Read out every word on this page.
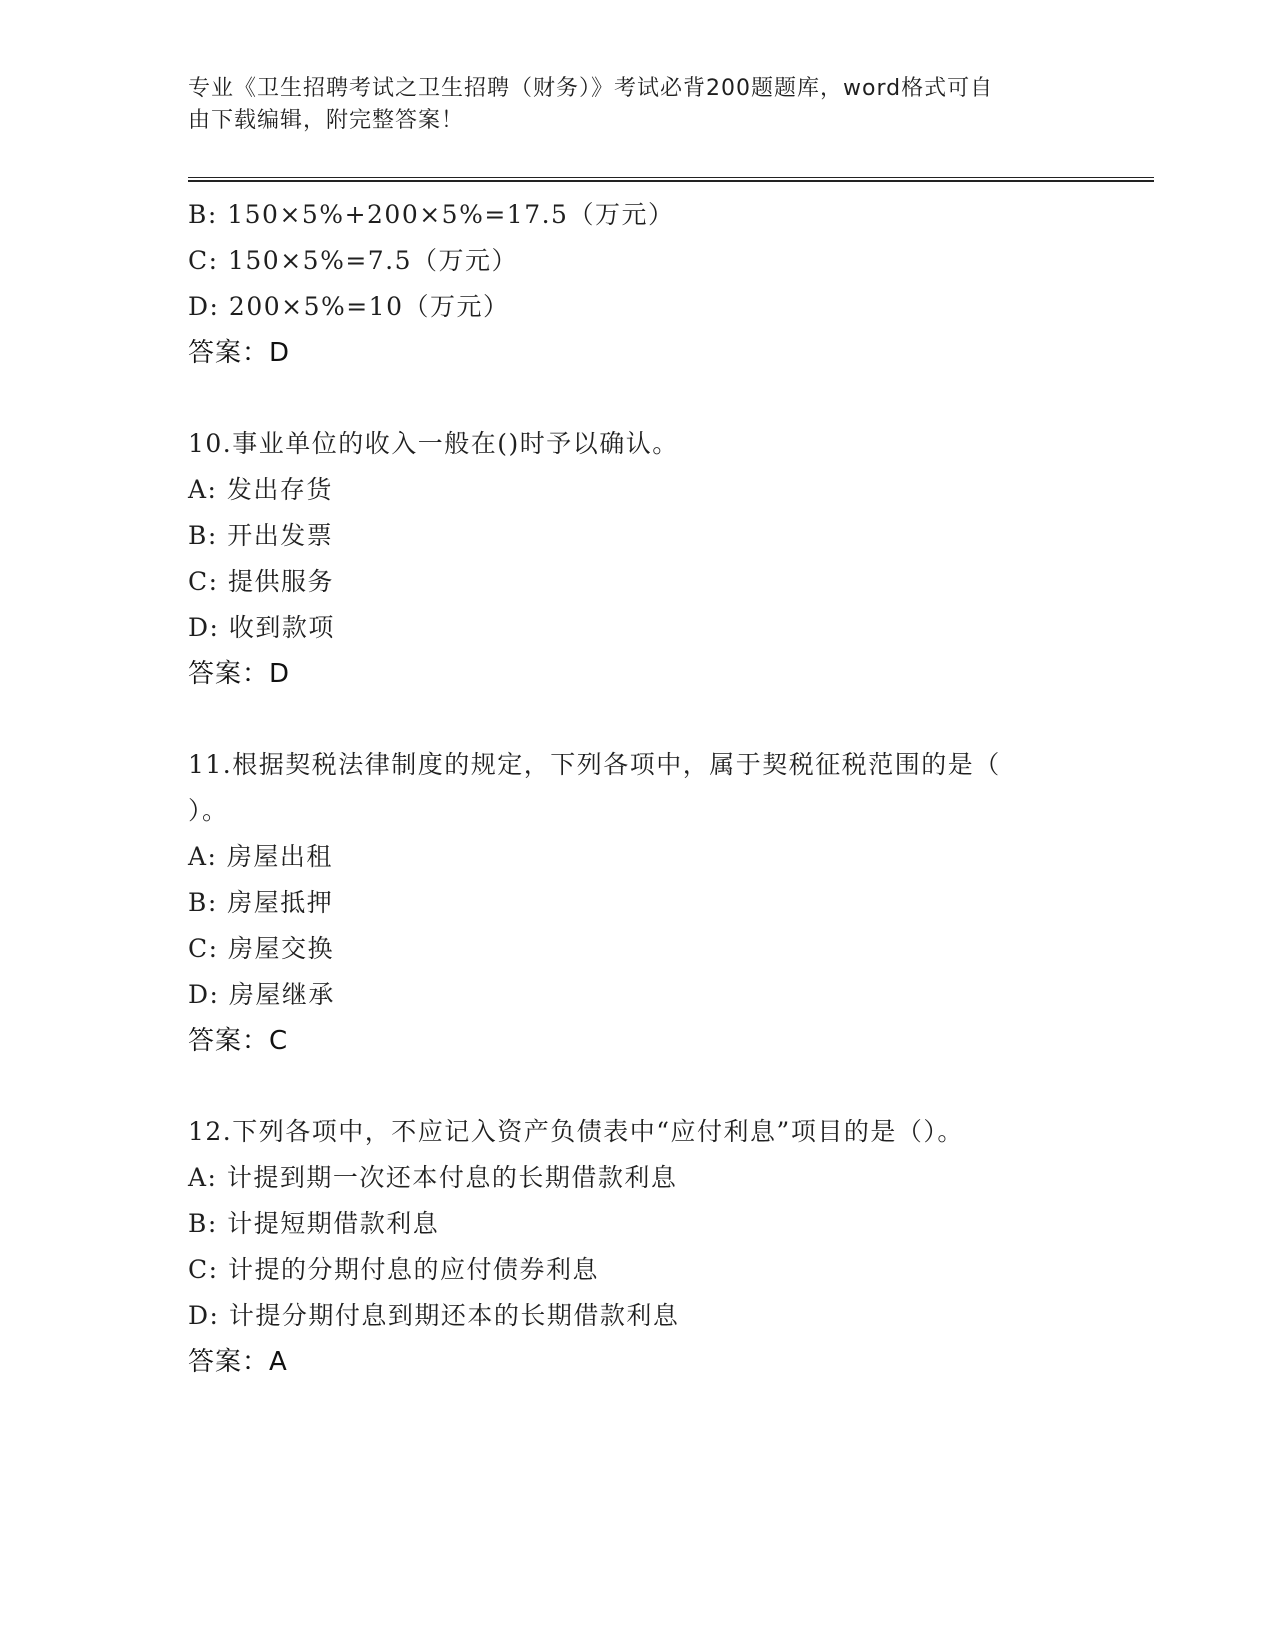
专业《卫生招聘考试之卫生招聘（财务）》考试必背200题题库，word格式可自
由下载编辑，附完整答案！
B: 150×5%+200×5%=17.5（万元）
C: 150×5%=7.5（万元）
D: 200×5%=10（万元）
答案：D
10.事业单位的收入一般在()时予以确认。
A: 发出存货
B: 开出发票
C: 提供服务
D: 收到款项
答案：D
11.根据契税法律制度的规定，下列各项中，属于契税征税范围的是（
）。
A: 房屋出租
B: 房屋抵押
C: 房屋交换
D: 房屋继承
答案：C
12.下列各项中，不应记入资产负债表中“应付利息”项目的是（）。
A: 计提到期一次还本付息的长期借款利息
B: 计提短期借款利息
C: 计提的分期付息的应付债券利息
D: 计提分期付息到期还本的长期借款利息
答案：A
